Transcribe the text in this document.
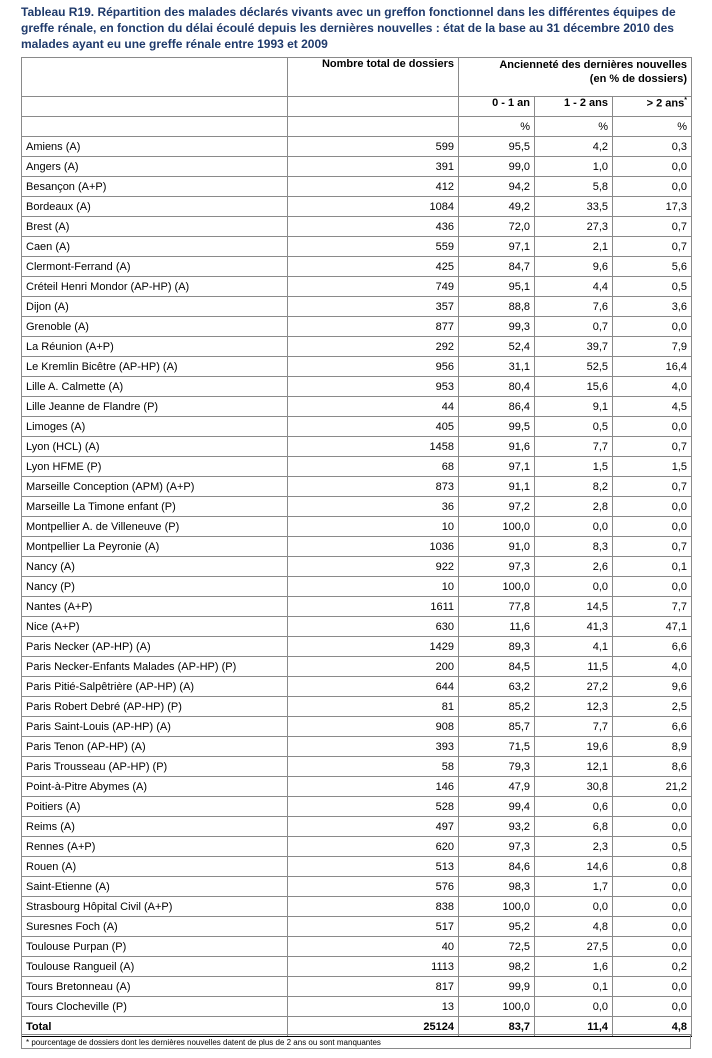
Tableau R19. Répartition des malades déclarés vivants avec un greffon fonctionnel dans les différentes équipes de greffe rénale, en fonction du délai écoulé depuis les dernières nouvelles : état de la base au 31 décembre 2010 des malades ayant eu une greffe rénale entre 1993 et 2009
	Nombre total de dossiers	Ancienneté des dernières nouvelles
(en % de dossiers)		

		0 - 1 an	1 - 2 ans	> 2 ans*
		%	%	%
Amiens (A)	599	95,5	4,2	0,3
Angers (A)	391	99,0	1,0	0,0
Besançon (A+P)	412	94,2	5,8	0,0
Bordeaux (A)	1084	49,2	33,5	17,3
Brest (A)	436	72,0	27,3	0,7
Caen (A)	559	97,1	2,1	0,7
Clermont-Ferrand (A)	425	84,7	9,6	5,6
Créteil Henri Mondor (AP-HP) (A)	749	95,1	4,4	0,5
Dijon (A)	357	88,8	7,6	3,6
Grenoble (A)	877	99,3	0,7	0,0
La Réunion (A+P)	292	52,4	39,7	7,9
Le Kremlin Bicêtre (AP-HP) (A)	956	31,1	52,5	16,4
Lille A. Calmette (A)	953	80,4	15,6	4,0
Lille Jeanne de Flandre (P)	44	86,4	9,1	4,5
Limoges (A)	405	99,5	0,5	0,0
Lyon (HCL) (A)	1458	91,6	7,7	0,7
Lyon HFME (P)	68	97,1	1,5	1,5
Marseille Conception (APM) (A+P)	873	91,1	8,2	0,7
Marseille La Timone enfant (P)	36	97,2	2,8	0,0
Montpellier A. de Villeneuve (P)	10	100,0	0,0	0,0
Montpellier La Peyronie (A)	1036	91,0	8,3	0,7
Nancy (A)	922	97,3	2,6	0,1
Nancy (P)	10	100,0	0,0	0,0
Nantes (A+P)	1611	77,8	14,5	7,7
Nice (A+P)	630	11,6	41,3	47,1
Paris Necker (AP-HP) (A)	1429	89,3	4,1	6,6
Paris Necker-Enfants Malades (AP-HP) (P)	200	84,5	11,5	4,0
Paris Pitié-Salpêtrière (AP-HP) (A)	644	63,2	27,2	9,6
Paris Robert Debré (AP-HP) (P)	81	85,2	12,3	2,5
Paris Saint-Louis (AP-HP) (A)	908	85,7	7,7	6,6
Paris Tenon (AP-HP) (A)	393	71,5	19,6	8,9
Paris Trousseau (AP-HP) (P)	58	79,3	12,1	8,6
Point-à-Pitre Abymes (A)	146	47,9	30,8	21,2
Poitiers (A)	528	99,4	0,6	0,0
Reims (A)	497	93,2	6,8	0,0
Rennes (A+P)	620	97,3	2,3	0,5
Rouen (A)	513	84,6	14,6	0,8
Saint-Etienne (A)	576	98,3	1,7	0,0
Strasbourg Hôpital Civil (A+P)	838	100,0	0,0	0,0
Suresnes Foch (A)	517	95,2	4,8	0,0
Toulouse Purpan (P)	40	72,5	27,5	0,0
Toulouse Rangueil (A)	1113	98,2	1,6	0,2
Tours Bretonneau (A)	817	99,9	0,1	0,0
Tours Clocheville (P)	13	100,0	0,0	0,0
Total	25124	83,7	11,4	4,8
* pourcentage de dossiers dont les dernières nouvelles datent de plus de 2 ans ou sont manquantes
